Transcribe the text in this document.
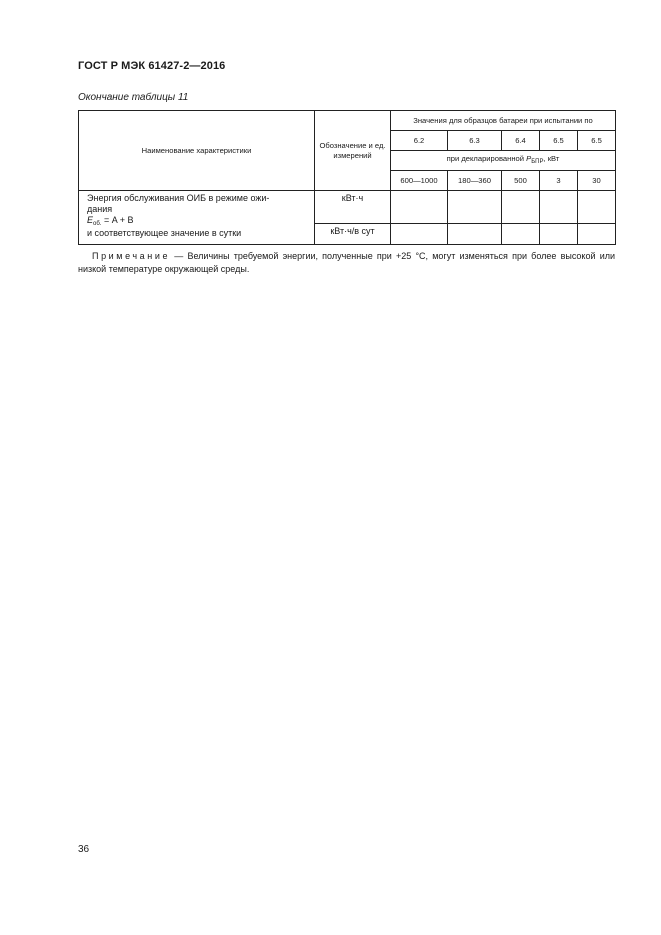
ГОСТ Р МЭК 61427-2—2016
Окончание таблицы 11
Наименование характеристики	Обозначение и ед. измерений	Значения для образцов батареи при испытании по				
		6.2	6.3	6.4	6.5	6.5
		при декларированной $P_{БПР}$, кВт				
		600—1000	180—360	500	3	30

Энергия обслуживания ОИБ в режиме ожи-
дания
$E_{об.} = A + B$
и соответствующее значение в сутки	кВт·ч					
	кВт·ч/в сут					
Примечание — Величины требуемой энергии, полученные при +25 °С, могут изменяться при более высокой или низкой температуре окружающей среды.
36
